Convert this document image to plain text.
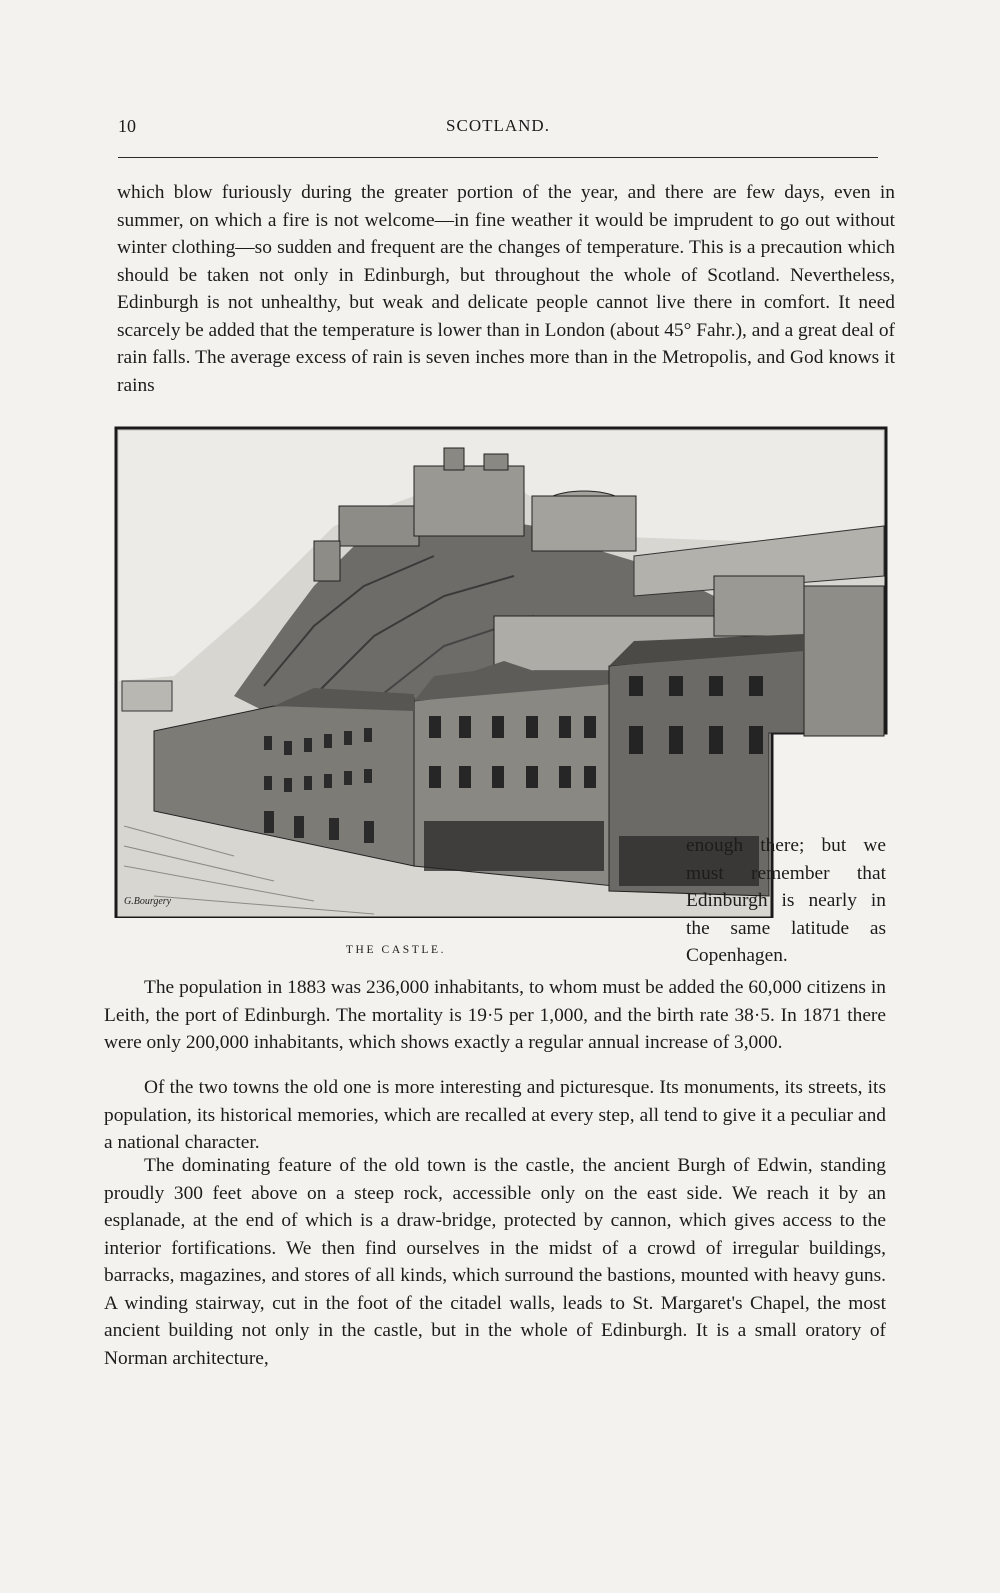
10	SCOTLAND.

which blow furiously during the greater portion of the year, and there are few days, even in summer, on which a fire is not welcome—in fine weather it would be imprudent to go out without winter clothing—so sudden and frequent are the changes of temperature. This is a precaution which should be taken not only in Edinburgh, but throughout the whole of Scotland. Nevertheless, Edinburgh is not unhealthy, but weak and delicate people cannot live there in comfort. It need scarcely be added that the temperature is lower than in London (about 45° Fahr.), and a great deal of rain falls. The average excess of rain is seven inches more than in the Metropolis, and God knows it rains

G.Bourgery
THE CASTLE.

enough there; but we must remember that Edinburgh is nearly in the same latitude as Copenhagen.

The population in 1883 was 236,000 inhabitants, to whom must be added the 60,000 citizens in Leith, the port of Edinburgh. The mortality is 19·5 per 1,000, and the birth rate 38·5. In 1871 there were only 200,000 inhabitants, which shows exactly a regular annual increase of 3,000.

Of the two towns the old one is more interesting and picturesque. Its monuments, its streets, its population, its historical memories, which are recalled at every step, all tend to give it a peculiar and a national character.

The dominating feature of the old town is the castle, the ancient Burgh of Edwin, standing proudly 300 feet above on a steep rock, accessible only on the east side. We reach it by an esplanade, at the end of which is a draw-bridge, protected by cannon, which gives access to the interior fortifications. We then find ourselves in the midst of a crowd of irregular buildings, barracks, magazines, and stores of all kinds, which surround the bastions, mounted with heavy guns. A winding stairway, cut in the foot of the citadel walls, leads to St. Margaret's Chapel, the most ancient building not only in the castle, but in the whole of Edinburgh. It is a small oratory of Norman architecture,
